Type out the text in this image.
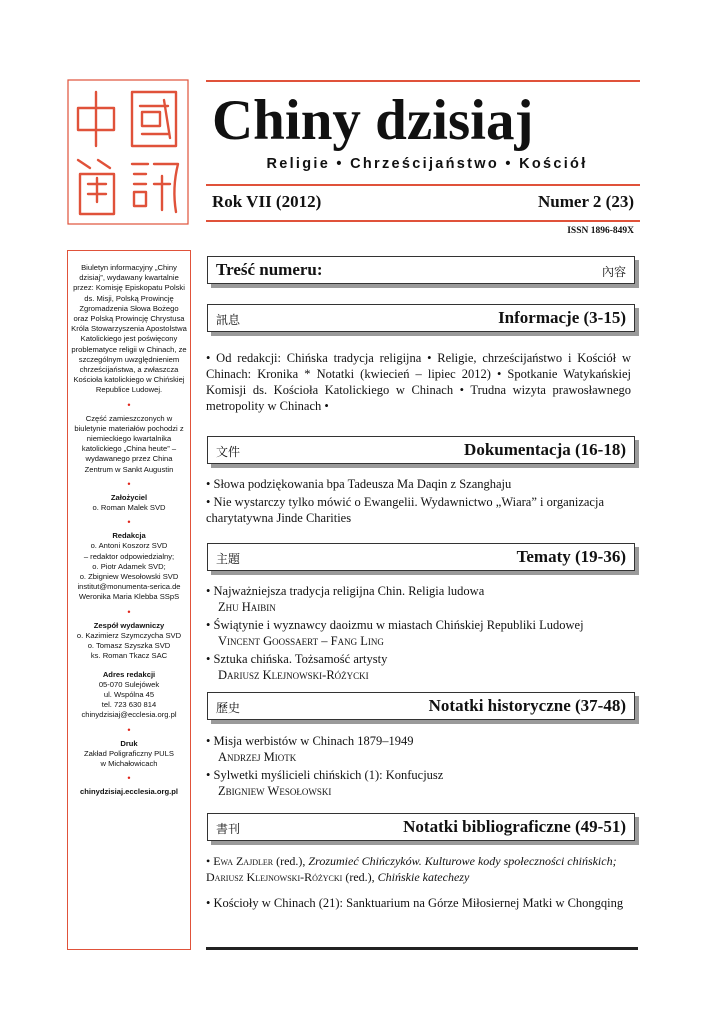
Chiny dzisiaj
Religie • Chrześcijaństwo • Kościół
Rok VII (2012)	Numer 2 (23)
ISSN 1896-849X

Biuletyn informacyjny „Chiny dzisiaj”, wydawany kwartalnie przez: Komisję Episkopatu Polski ds. Misji, Polską Prowincję Zgromadzenia Słowa Bożego oraz Polską Prowincję Chrystusa Króla Stowarzyszenia Apostolstwa Katolickiego jest poświęcony problematyce religii w Chinach, ze szczególnym uwzględnieniem chrześcijaństwa, a zwłaszcza Kościoła katolickiego w Chińskiej Republice Ludowej.

•

Część zamieszczonych w biuletynie materiałów pochodzi z niemieckiego kwartalnika katolickiego „China heute” – wydawanego przez China Zentrum w Sankt Augustin

•
Założyciel
o. Roman Malek SVD
•
Redakcja
o. Antoni Koszorz SVD
– redaktor odpowiedzialny;
o. Piotr Adamek SVD;
o. Zbigniew Wesołowski SVD
institut@monumenta-serica.de
Weronika Maria Klebba SSpS
•
Zespół wydawniczy
o. Kazimierz Szymczycha SVD
o. Tomasz Szyszka SVD
ks. Roman Tkacz SAC
Adres redakcji
05-070 Sulejówek
ul. Wspólna 45
tel. 723 630 814
chinydzisiaj@ecclesia.org.pl
•
Druk
Zakład Poligraficzny PULS
w Michałowicach
•
chinydzisiaj.ecclesia.org.pl
Treść numeru:	內容
訊息	Informacje (3-15)

• Od redakcji: Chińska tradycja religijna • Religie, chrześcijaństwo i Kościół w Chinach: Kronika * Notatki (kwiecień – lipiec 2012) • Spotkanie Watykańskiej Komisji ds. Kościoła Katolickiego w Chinach • Trudna wizyta prawosławnego metropolity w Chinach •

文件	Dokumentacja (16-18)

• Słowa podziękowania bpa Tadeusza Ma Daqin z Szanghaju

• Nie wystarczy tylko mówić o Ewangelii. Wydawnictwo „Wiara” i organizacja charytatywna Jinde Charities

主題	Tematy (19-36)

• Najważniejsza tradycja religijna Chin. Religia ludowa

Zhu Haibin

• Świątynie i wyznawcy daoizmu w miastach Chińskiej Republiki Ludowej

Vincent Goossaert – Fang Ling

• Sztuka chińska. Tożsamość artysty

Dariusz Klejnowski-Różycki

歷史	Notatki historyczne (37-48)

• Misja werbistów w Chinach 1879–1949

Andrzej Miotk

• Sylwetki myślicieli chińskich (1): Konfucjusz

Zbigniew Wesołowski

書刊	Notatki bibliograficzne (49-51)

• Ewa Zajdler (red.), Zrozumieć Chińczyków. Kulturowe kody społeczności chińskich; Dariusz Klejnowski-Różycki (red.), Chińskie katechezy

• Kościoły w Chinach (21): Sanktuarium na Górze Miłosiernej Matki w Chongqing
